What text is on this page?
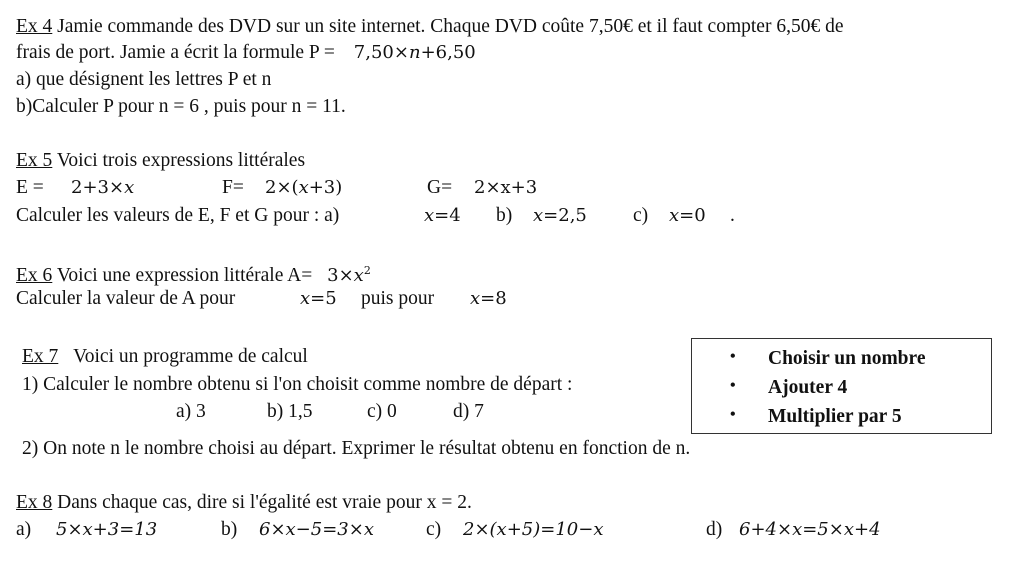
Ex 4 Jamie commande des DVD sur un site internet. Chaque DVD coûte 7,50€ et il faut compter 6,50€ de
frais de port. Jamie a écrit la formule P = 7,50×n+6,50
a) que désignent les lettres P et n
b)Calculer P pour n = 6 , puis pour n = 11.
Ex 5 Voici trois expressions littérales
E = 2+3×x	F= 2×(x+3)	G= 2×x+3
Calculer les valeurs de E, F et G pour : a)	x=4 b) x=2,5 c) x=0 .
Ex 6 Voici une expression littérale $A= 3\times x^2$
Calculer la valeur de A pour	x=5 puis pour x=8
Ex 7 Voici un programme de calcul
1) Calculer le nombre obtenu si l'on choisit comme nombre de départ :
a) 3	b) 1,5	c) 0	d) 7
• Choisir un nombre
• Ajouter 4
• Multiplier par 5
2) On note n le nombre choisi au départ. Exprimer le résultat obtenu en fonction de n.
Ex 8 Dans chaque cas, dire si l'égalité est vraie pour x = 2.
a) 5×x+3=13	b) 6×x−5=3×x	c) 2×(x+5)=10−x	d) 6+4×x=5×x+4
